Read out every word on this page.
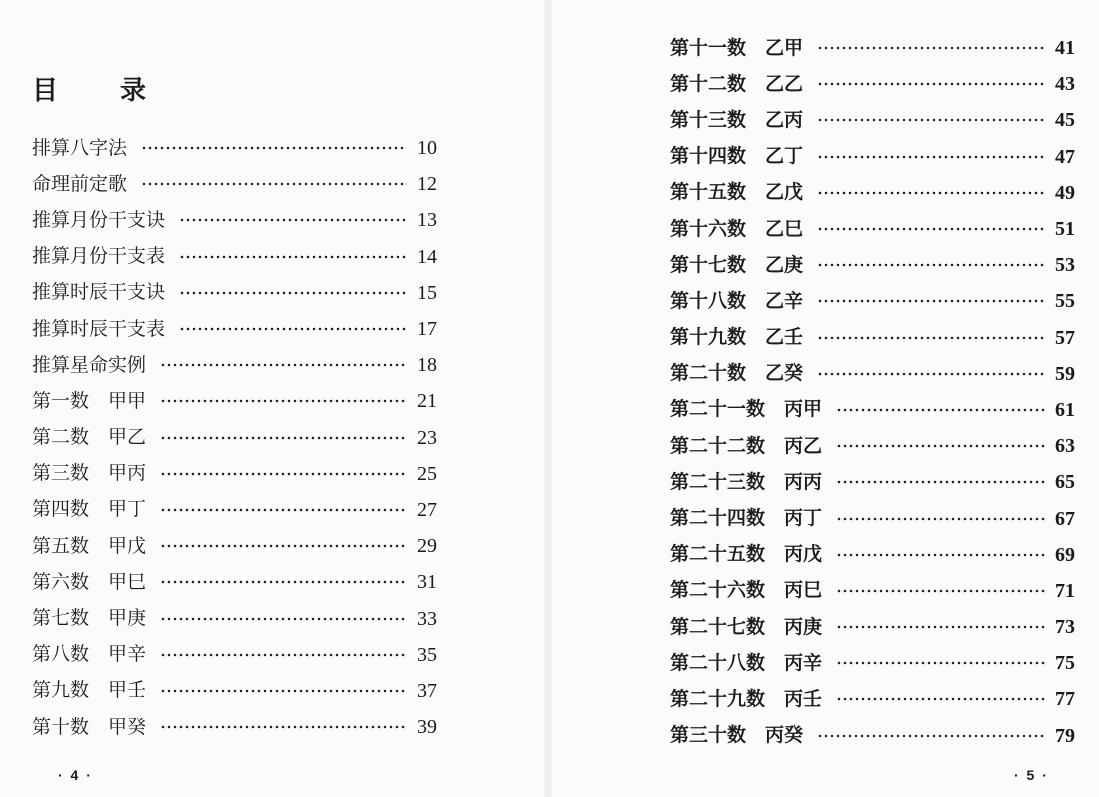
目　录
排算八字法	10
命理前定歌	12
推算月份干支诀	13
推算月份干支表	14
推算时辰干支诀	15
推算时辰干支表	17
推算星命实例	18
第一数　甲甲	21
第二数　甲乙	23
第三数　甲丙	25
第四数　甲丁	27
第五数　甲戊	29
第六数　甲巳	31
第七数　甲庚	33
第八数　甲辛	35
第九数　甲壬	37
第十数　甲癸	39
· 4 ·
第十一数　乙甲	41
第十二数　乙乙	43
第十三数　乙丙	45
第十四数　乙丁	47
第十五数　乙戊	49
第十六数　乙巳	51
第十七数　乙庚	53
第十八数　乙辛	55
第十九数　乙壬	57
第二十数　乙癸	59
第二十一数　丙甲	61
第二十二数　丙乙	63
第二十三数　丙丙	65
第二十四数　丙丁	67
第二十五数　丙戊	69
第二十六数　丙巳	71
第二十七数　丙庚	73
第二十八数　丙辛	75
第二十九数　丙壬	77
第三十数　丙癸	79
· 5 ·
